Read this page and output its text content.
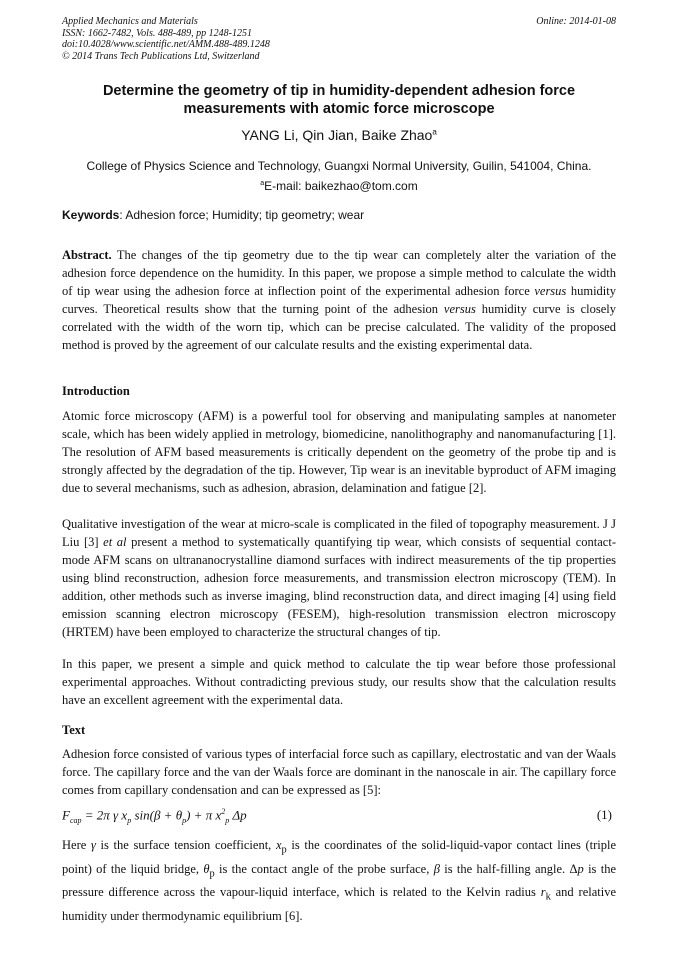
Applied Mechanics and Materials
ISSN: 1662-7482, Vols. 488-489, pp 1248-1251
doi:10.4028/www.scientific.net/AMM.488-489.1248
© 2014 Trans Tech Publications Ltd, Switzerland
Online: 2014-01-08
Determine the geometry of tip in humidity-dependent adhesion force
measurements with atomic force microscope
YANG Li, Qin Jian, Baike Zhao$^a$
College of Physics Science and Technology, Guangxi Normal University, Guilin, 541004, China.
$^a$E-mail: baikezhao@tom.com
Keywords: Adhesion force; Humidity; tip geometry; wear
Abstract. The changes of the tip geometry due to the tip wear can completely alter the variation of the adhesion force dependence on the humidity. In this paper, we propose a simple method to calculate the width of tip wear using the adhesion force at inflection point of the experimental adhesion force versus humidity curves. Theoretical results show that the turning point of the adhesion versus humidity curve is closely correlated with the width of the worn tip, which can be precise calculated. The validity of the proposed method is proved by the agreement of our calculate results and the existing experimental data.
Introduction
Atomic force microscopy (AFM) is a powerful tool for observing and manipulating samples at nanometer scale, which has been widely applied in metrology, biomedicine, nanolithography and nanomanufacturing [1]. The resolution of AFM based measurements is critically dependent on the geometry of the probe tip and is strongly affected by the degradation of the tip. However, Tip wear is an inevitable byproduct of AFM imaging due to several mechanisms, such as adhesion, abrasion, delamination and fatigue [2].
Qualitative investigation of the wear at micro-scale is complicated in the filed of topography measurement. J J Liu [3] et al present a method to systematically quantifying tip wear, which consists of sequential contact-mode AFM scans on ultrananocrystalline diamond surfaces with indirect measurements of the tip properties using blind reconstruction, adhesion force measurements, and transmission electron microscopy (TEM). In addition, other methods such as inverse imaging, blind reconstruction data, and direct imaging [4] using field emission scanning electron microscopy (FESEM), high-resolution transmission electron microscopy (HRTEM) have been employed to characterize the structural changes of tip.
In this paper, we present a simple and quick method to calculate the tip wear before those professional experimental approaches. Without contradicting previous study, our results show that the calculation results have an excellent agreement with the experimental data.
Text
Adhesion force consisted of various types of interfacial force such as capillary, electrostatic and van der Waals force. The capillary force and the van der Waals force are dominant in the nanoscale in air. The capillary force comes from capillary condensation and can be expressed as [5]:
$F_{cap} = 2\pi$ γ $x_p$ $\sin(\beta + \theta_p) + \pi$ $x^2_p$ Δp	(1)
Here γ is the surface tension coefficient, $x_p$ is the coordinates of the solid-liquid-vapor contact lines (triple point) of the liquid bridge, $\theta_p$ is the contact angle of the probe surface, β is the half-filling angle. Δp is the pressure difference across the vapour-liquid interface, which is related to the Kelvin radius $r_k$ and relative humidity under thermodynamic equilibrium [6].
